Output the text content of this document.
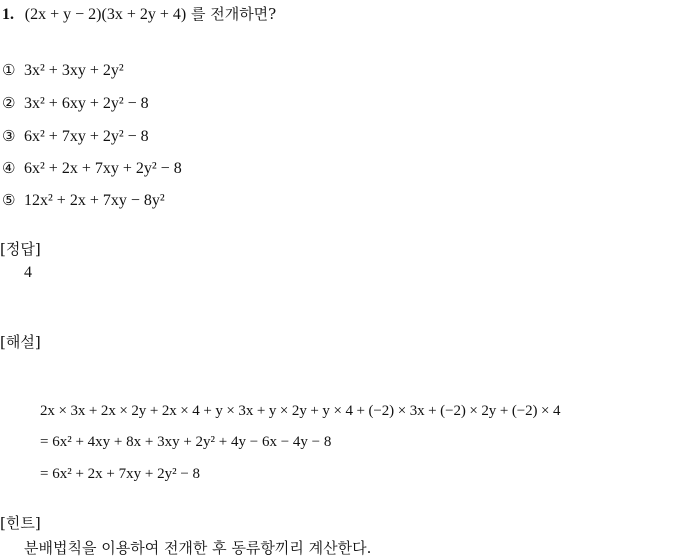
1. (2x + y − 2)(3x + 2y + 4) 를 전개하면?
① 3x² + 3xy + 2y²
② 3x² + 6xy + 2y² − 8
③ 6x² + 7xy + 2y² − 8
④ 6x² + 2x + 7xy + 2y² − 8
⑤ 12x² + 2x + 7xy − 8y²
[정답]
4
[해설]
2x × 3x + 2x × 2y + 2x × 4 + y × 3x + y × 2y + y × 4 + (−2) × 3x + (−2) × 2y + (−2) × 4
= 6x² + 4xy + 8x + 3xy + 2y² + 4y − 6x − 4y − 8
= 6x² + 2x + 7xy + 2y² − 8
[힌트]
분배법칙을 이용하여 전개한 후 동류항끼리 계산한다.
